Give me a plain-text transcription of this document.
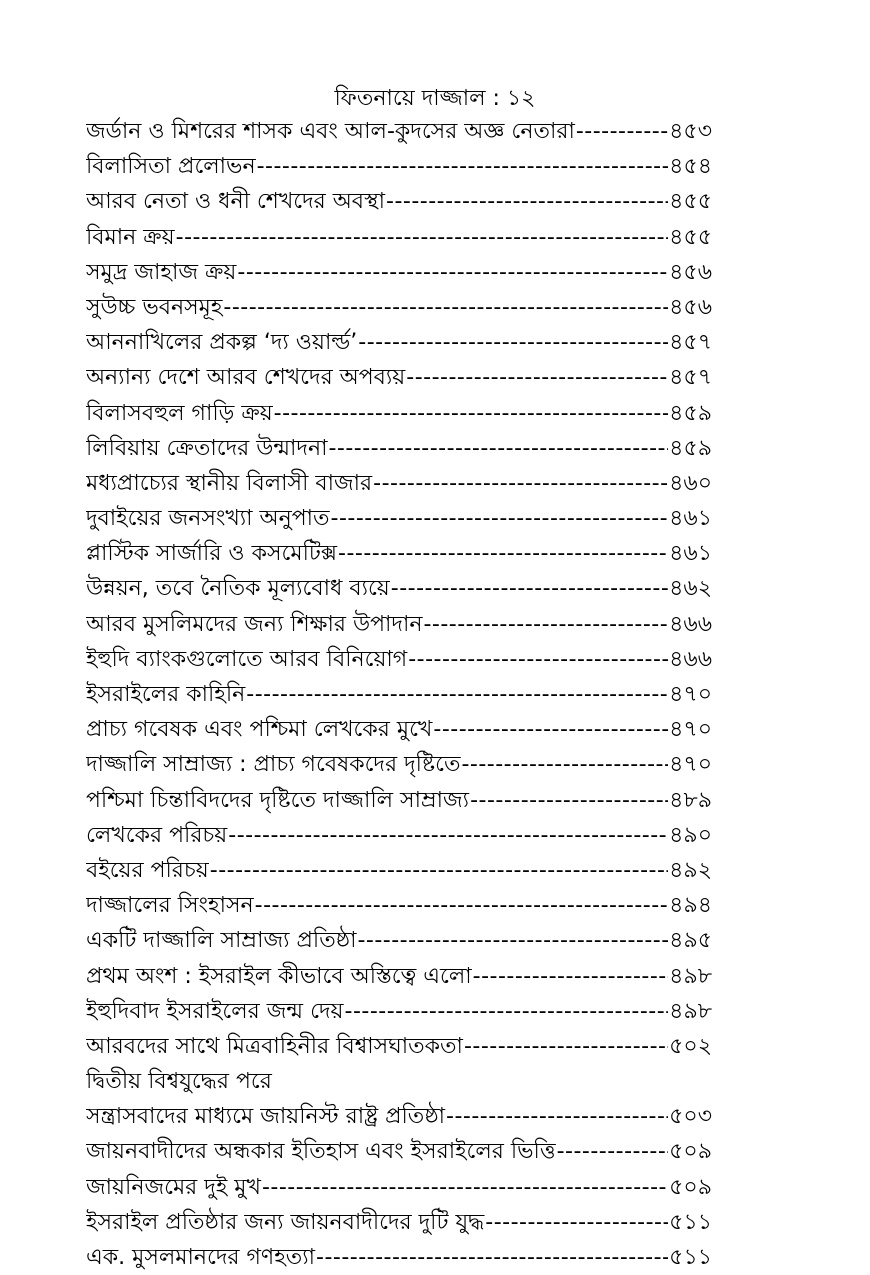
ফিতনায়ে দাজ্জাল : ১২
জর্ডান ও মিশরের শাসক এবং আল-কুদসের অজ্ঞ নেতারা -----	৪৫৩
বিলাসিতা প্রলোভন -----	৪৫৪
আরব নেতা ও ধনী শেখদের অবস্থা -----	৪৫৫
বিমান ক্রয় -----	৪৫৫
সমুদ্র জাহাজ ক্রয় -----	৪৫৬
সুউচ্চ ভবনসমূহ -----	৪৫৬
আননাখিলের প্রকল্প ‘দ্য ওয়ার্ল্ড’ -----	৪৫৭
অন্যান্য দেশে আরব শেখদের অপব্যয় -----	৪৫৭
বিলাসবহুল গাড়ি ক্রয় -----	৪৫৯
লিবিয়ায় ক্রেতাদের উন্মাদনা -----	৪৫৯
মধ্যপ্রাচ্যের স্থানীয় বিলাসী বাজার -----	৪৬০
দুবাইয়ের জনসংখ্যা অনুপাত -----	৪৬১
প্লাস্টিক সার্জারি ও কসমেটিক্স -----	৪৬১
উন্নয়ন, তবে নৈতিক মূল্যবোধ ব্যয়ে -----	৪৬২
আরব মুসলিমদের জন্য শিক্ষার উপাদান -----	৪৬৬
ইহুদি ব্যাংকগুলোতে আরব বিনিয়োগ -----	৪৬৬
ইসরাইলের কাহিনি -----	৪৭০
প্রাচ্য গবেষক এবং পশ্চিমা লেখকের মুখে -----	৪৭০
দাজ্জালি সাম্রাজ্য : প্রাচ্য গবেষকদের দৃষ্টিতে -----	৪৭০
পশ্চিমা চিন্তাবিদদের দৃষ্টিতে দাজ্জালি সাম্রাজ্য -----	৪৮৯
লেখকের পরিচয় -----	৪৯০
বইয়ের পরিচয় -----	৪৯২
দাজ্জালের সিংহাসন -----	৪৯৪
একটি দাজ্জালি সাম্রাজ্য প্রতিষ্ঠা -----	৪৯৫
প্রথম অংশ : ইসরাইল কীভাবে অস্তিত্বে এলো -----	৪৯৮
ইহুদিবাদ ইসরাইলের জন্ম দেয় -----	৪৯৮
আরবদের সাথে মিত্রবাহিনীর বিশ্বাসঘাতকতা -----	৫০২
দ্বিতীয় বিশ্বযুদ্ধের পরে
সন্ত্রাসবাদের মাধ্যমে জায়নিস্ট রাষ্ট্র প্রতিষ্ঠা -----	৫০৩
জায়নবাদীদের অন্ধকার ইতিহাস এবং ইসরাইলের ভিত্তি -----	৫০৯
জায়নিজমের দুই মুখ -----	৫০৯
ইসরাইল প্রতিষ্ঠার জন্য জায়নবাদীদের দুটি যুদ্ধ -----	৫১১
এক. মুসলমানদের গণহত্যা -----	৫১১
